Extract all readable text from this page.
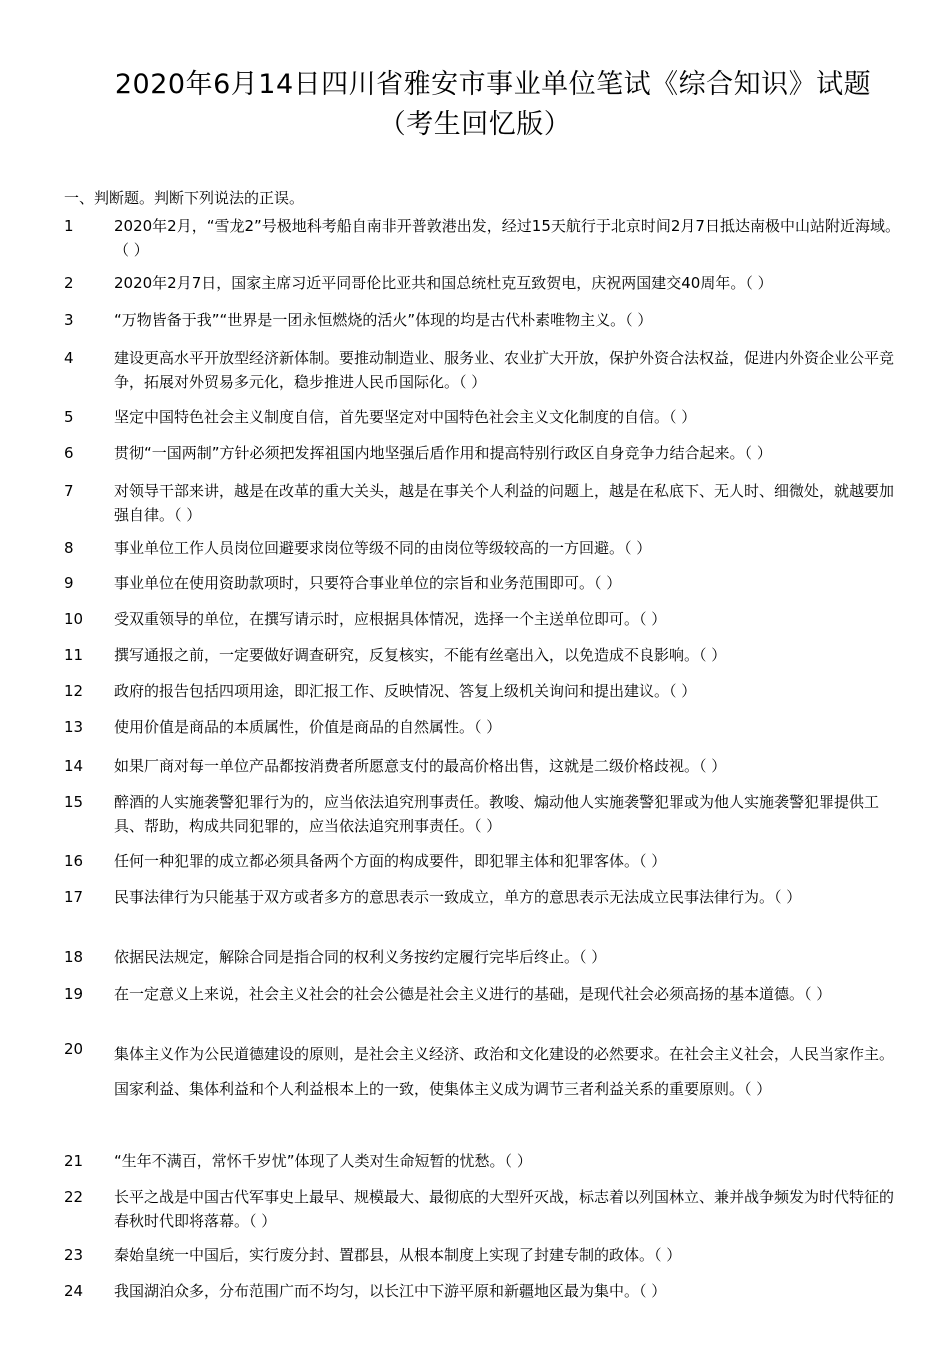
2020年6月14日四川省雅安市事业单位笔试《综合知识》试题
（考生回忆版）
一、判断题。判断下列说法的正误。
1	2020年2月，“雪龙2”号极地科考船自南非开普敦港出发，经过15天航行于北京时间2月7日抵达南极中山站附近海域。（ ）
2	2020年2月7日，国家主席习近平同哥伦比亚共和国总统杜克互致贺电，庆祝两国建交40周年。（ ）
3	“万物皆备于我”“世界是一团永恒燃烧的活火”体现的均是古代朴素唯物主义。（ ）
4	建设更高水平开放型经济新体制。要推动制造业、服务业、农业扩大开放，保护外资合法权益，促进内外资企业公平竞争，拓展对外贸易多元化，稳步推进人民币国际化。（ ）
5	坚定中国特色社会主义制度自信，首先要坚定对中国特色社会主义文化制度的自信。（ ）
6	贯彻“一国两制”方针必须把发挥祖国内地坚强后盾作用和提高特别行政区自身竞争力结合起来。（ ）
7	对领导干部来讲，越是在改革的重大关头，越是在事关个人利益的问题上，越是在私底下、无人时、细微处，就越要加强自律。（ ）
8	事业单位工作人员岗位回避要求岗位等级不同的由岗位等级较高的一方回避。（ ）
9	事业单位在使用资助款项时，只要符合事业单位的宗旨和业务范围即可。（ ）
10	受双重领导的单位，在撰写请示时，应根据具体情况，选择一个主送单位即可。（ ）
11	撰写通报之前，一定要做好调查研究，反复核实，不能有丝毫出入，以免造成不良影响。（ ）
12	政府的报告包括四项用途，即汇报工作、反映情况、答复上级机关询问和提出建议。（ ）
13	使用价值是商品的本质属性，价值是商品的自然属性。（ ）
14	如果厂商对每一单位产品都按消费者所愿意支付的最高价格出售，这就是二级价格歧视。（ ）
15	醉酒的人实施袭警犯罪行为的，应当依法追究刑事责任。教唆、煽动他人实施袭警犯罪或为他人实施袭警犯罪提供工具、帮助，构成共同犯罪的，应当依法追究刑事责任。（ ）
16	任何一种犯罪的成立都必须具备两个方面的构成要件，即犯罪主体和犯罪客体。（ ）
17	民事法律行为只能基于双方或者多方的意思表示一致成立，单方的意思表示无法成立民事法律行为。（ ）
18	依据民法规定，解除合同是指合同的权利义务按约定履行完毕后终止。（ ）
19	在一定意义上来说，社会主义社会的社会公德是社会主义进行的基础，是现代社会必须高扬的基本道德。（ ）
20	集体主义作为公民道德建设的原则，是社会主义经济、政治和文化建设的必然要求。在社会主义社会，人民当家作主。国家利益、集体利益和个人利益根本上的一致，使集体主义成为调节三者利益关系的重要原则。（ ）
21	“生年不满百，常怀千岁忧”体现了人类对生命短暂的忧愁。（ ）
22	长平之战是中国古代军事史上最早、规模最大、最彻底的大型歼灭战，标志着以列国林立、兼并战争频发为时代特征的春秋时代即将落幕。（ ）
23	秦始皇统一中国后，实行废分封、置郡县，从根本制度上实现了封建专制的政体。（ ）
24	我国湖泊众多，分布范围广而不均匀，以长江中下游平原和新疆地区最为集中。（ ）
